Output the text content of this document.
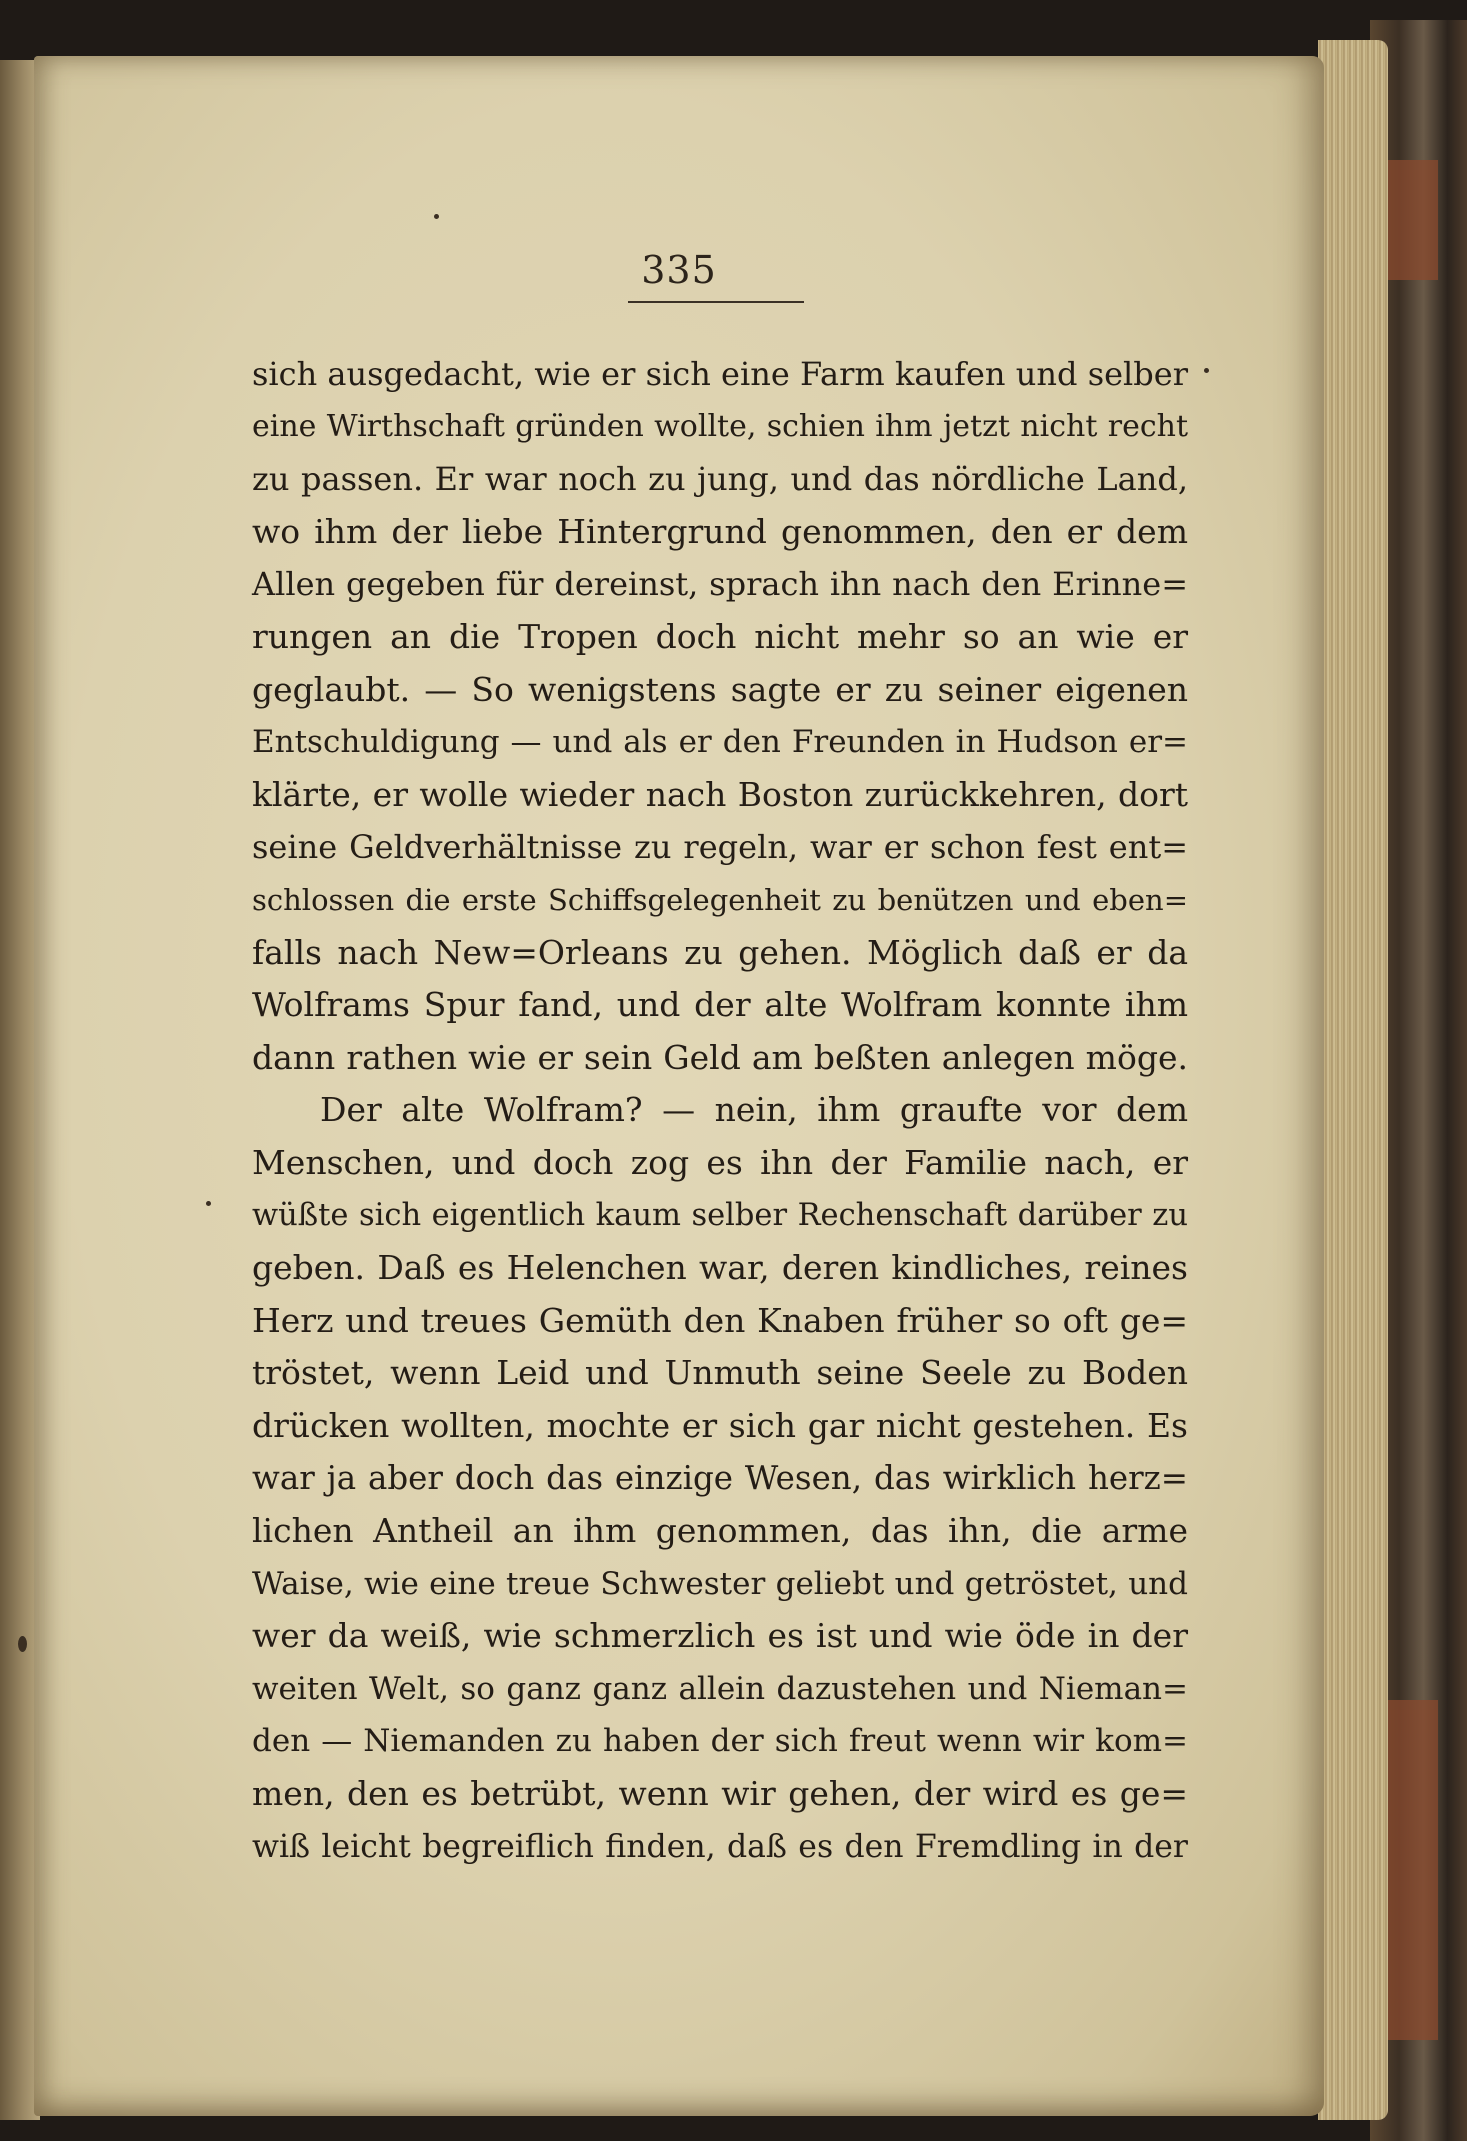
335
sich ausgedacht, wie er sich eine Farm kaufen und selber
eine Wirthschaft gründen wollte, schien ihm jetzt nicht recht
zu passen. Er war noch zu jung, und das nördliche Land,
wo ihm der liebe Hintergrund genommen, den er dem
Allen gegeben für dereinst, sprach ihn nach den Erinne=
rungen an die Tropen doch nicht mehr so an wie er
geglaubt. — So wenigstens sagte er zu seiner eigenen
Entschuldigung — und als er den Freunden in Hudson er=
klärte, er wolle wieder nach Boston zurückkehren, dort
seine Geldverhältnisse zu regeln, war er schon fest ent=
schlossen die erste Schiffsgelegenheit zu benützen und eben=
falls nach New=Orleans zu gehen. Möglich daß er da
Wolframs Spur fand, und der alte Wolfram konnte ihm
dann rathen wie er sein Geld am beßten anlegen möge.
Der alte Wolfram? — nein, ihm graufte vor dem
Menschen, und doch zog es ihn der Familie nach, er
wüßte sich eigentlich kaum selber Rechenschaft darüber zu
geben. Daß es Helenchen war, deren kindliches, reines
Herz und treues Gemüth den Knaben früher so oft ge=
tröstet, wenn Leid und Unmuth seine Seele zu Boden
drücken wollten, mochte er sich gar nicht gestehen. Es
war ja aber doch das einzige Wesen, das wirklich herz=
lichen Antheil an ihm genommen, das ihn, die arme
Waise, wie eine treue Schwester geliebt und getröstet, und
wer da weiß, wie schmerzlich es ist und wie öde in der
weiten Welt, so ganz ganz allein dazustehen und Nieman=
den — Niemanden zu haben der sich freut wenn wir kom=
men, den es betrübt, wenn wir gehen, der wird es ge=
wiß leicht begreiflich finden, daß es den Fremdling in der
